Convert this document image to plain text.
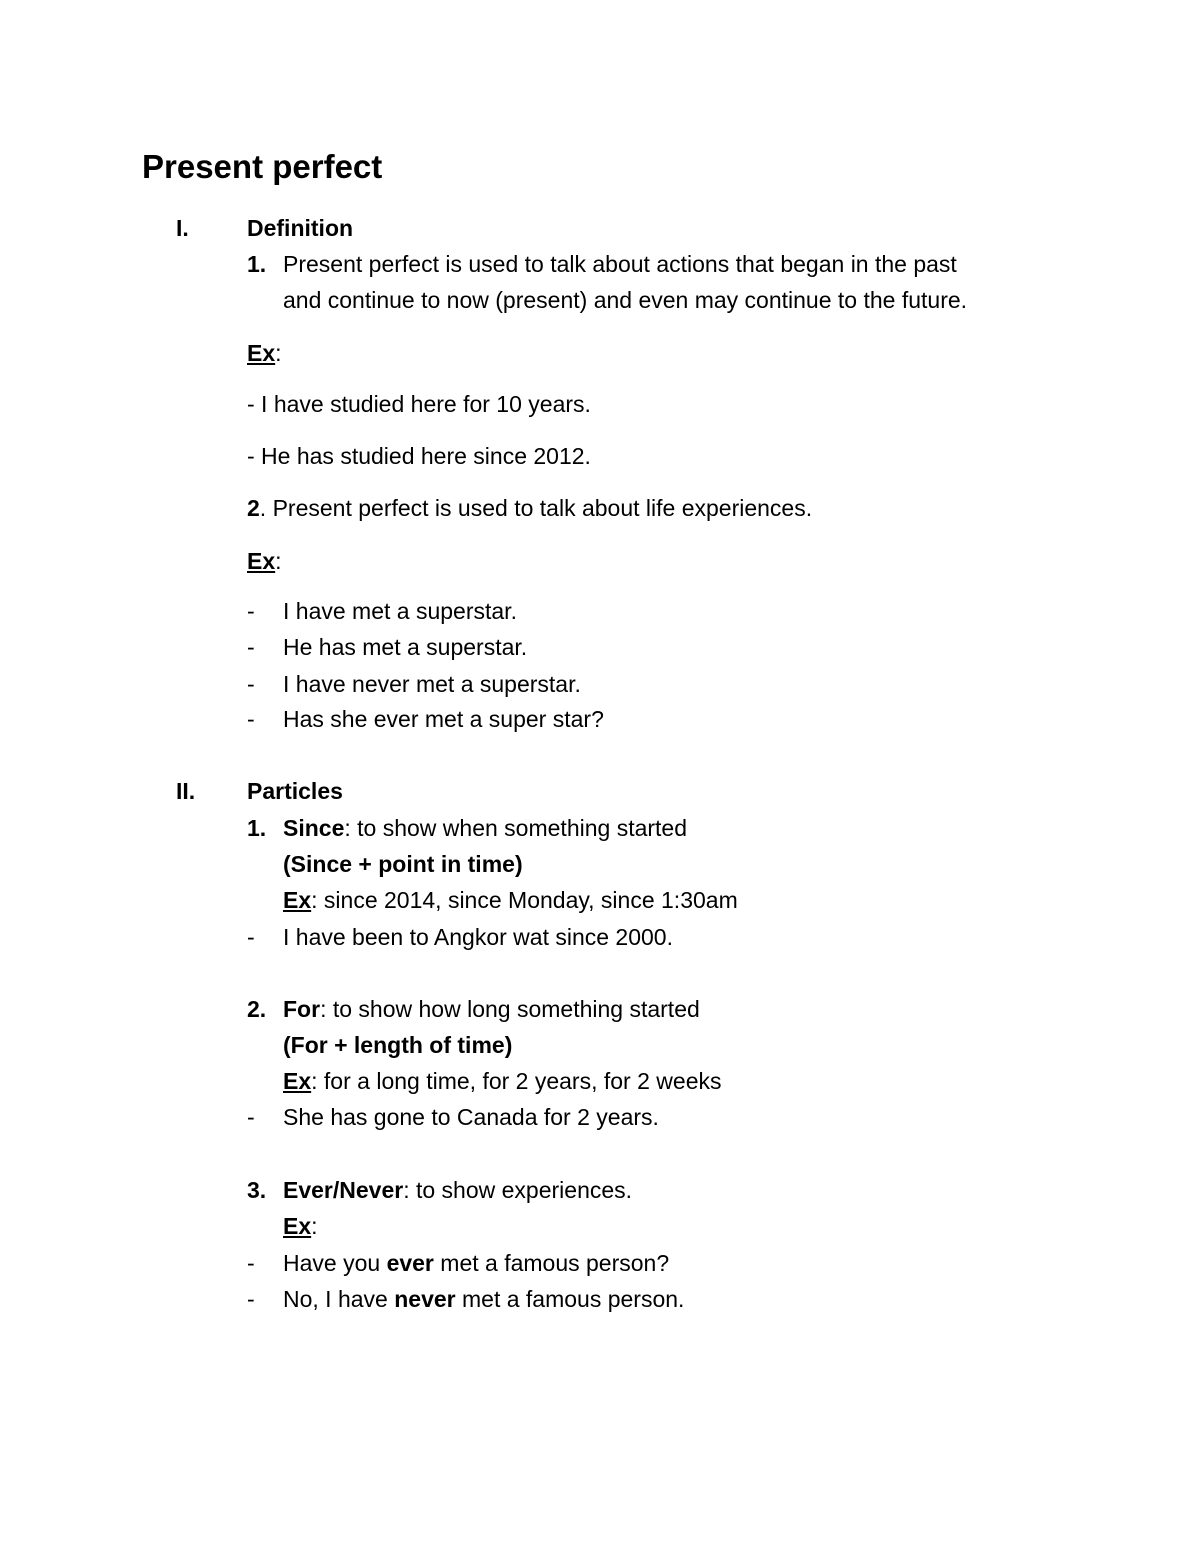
Present perfect
I.	Definition
1. Present perfect is used to talk about actions that began in the past
and continue to now (present) and even may continue to the future.
Ex:
- I have studied here for 10 years.
- He has studied here since 2012.
2. Present perfect is used to talk about life experiences.
Ex:
- I have met a superstar.
- He has met a superstar.
- I have never met a superstar.
- Has she ever met a super star?
II. Particles
1. Since: to show when something started
(Since + point in time)
Ex: since 2014, since Monday, since 1:30am
- I have been to Angkor wat since 2000.
2. For: to show how long something started
(For + length of time)
Ex: for a long time, for 2 years, for 2 weeks
- She has gone to Canada for 2 years.
3. Ever/Never: to show experiences.
Ex:
- Have you ever met a famous person?
- No, I have never met a famous person.
